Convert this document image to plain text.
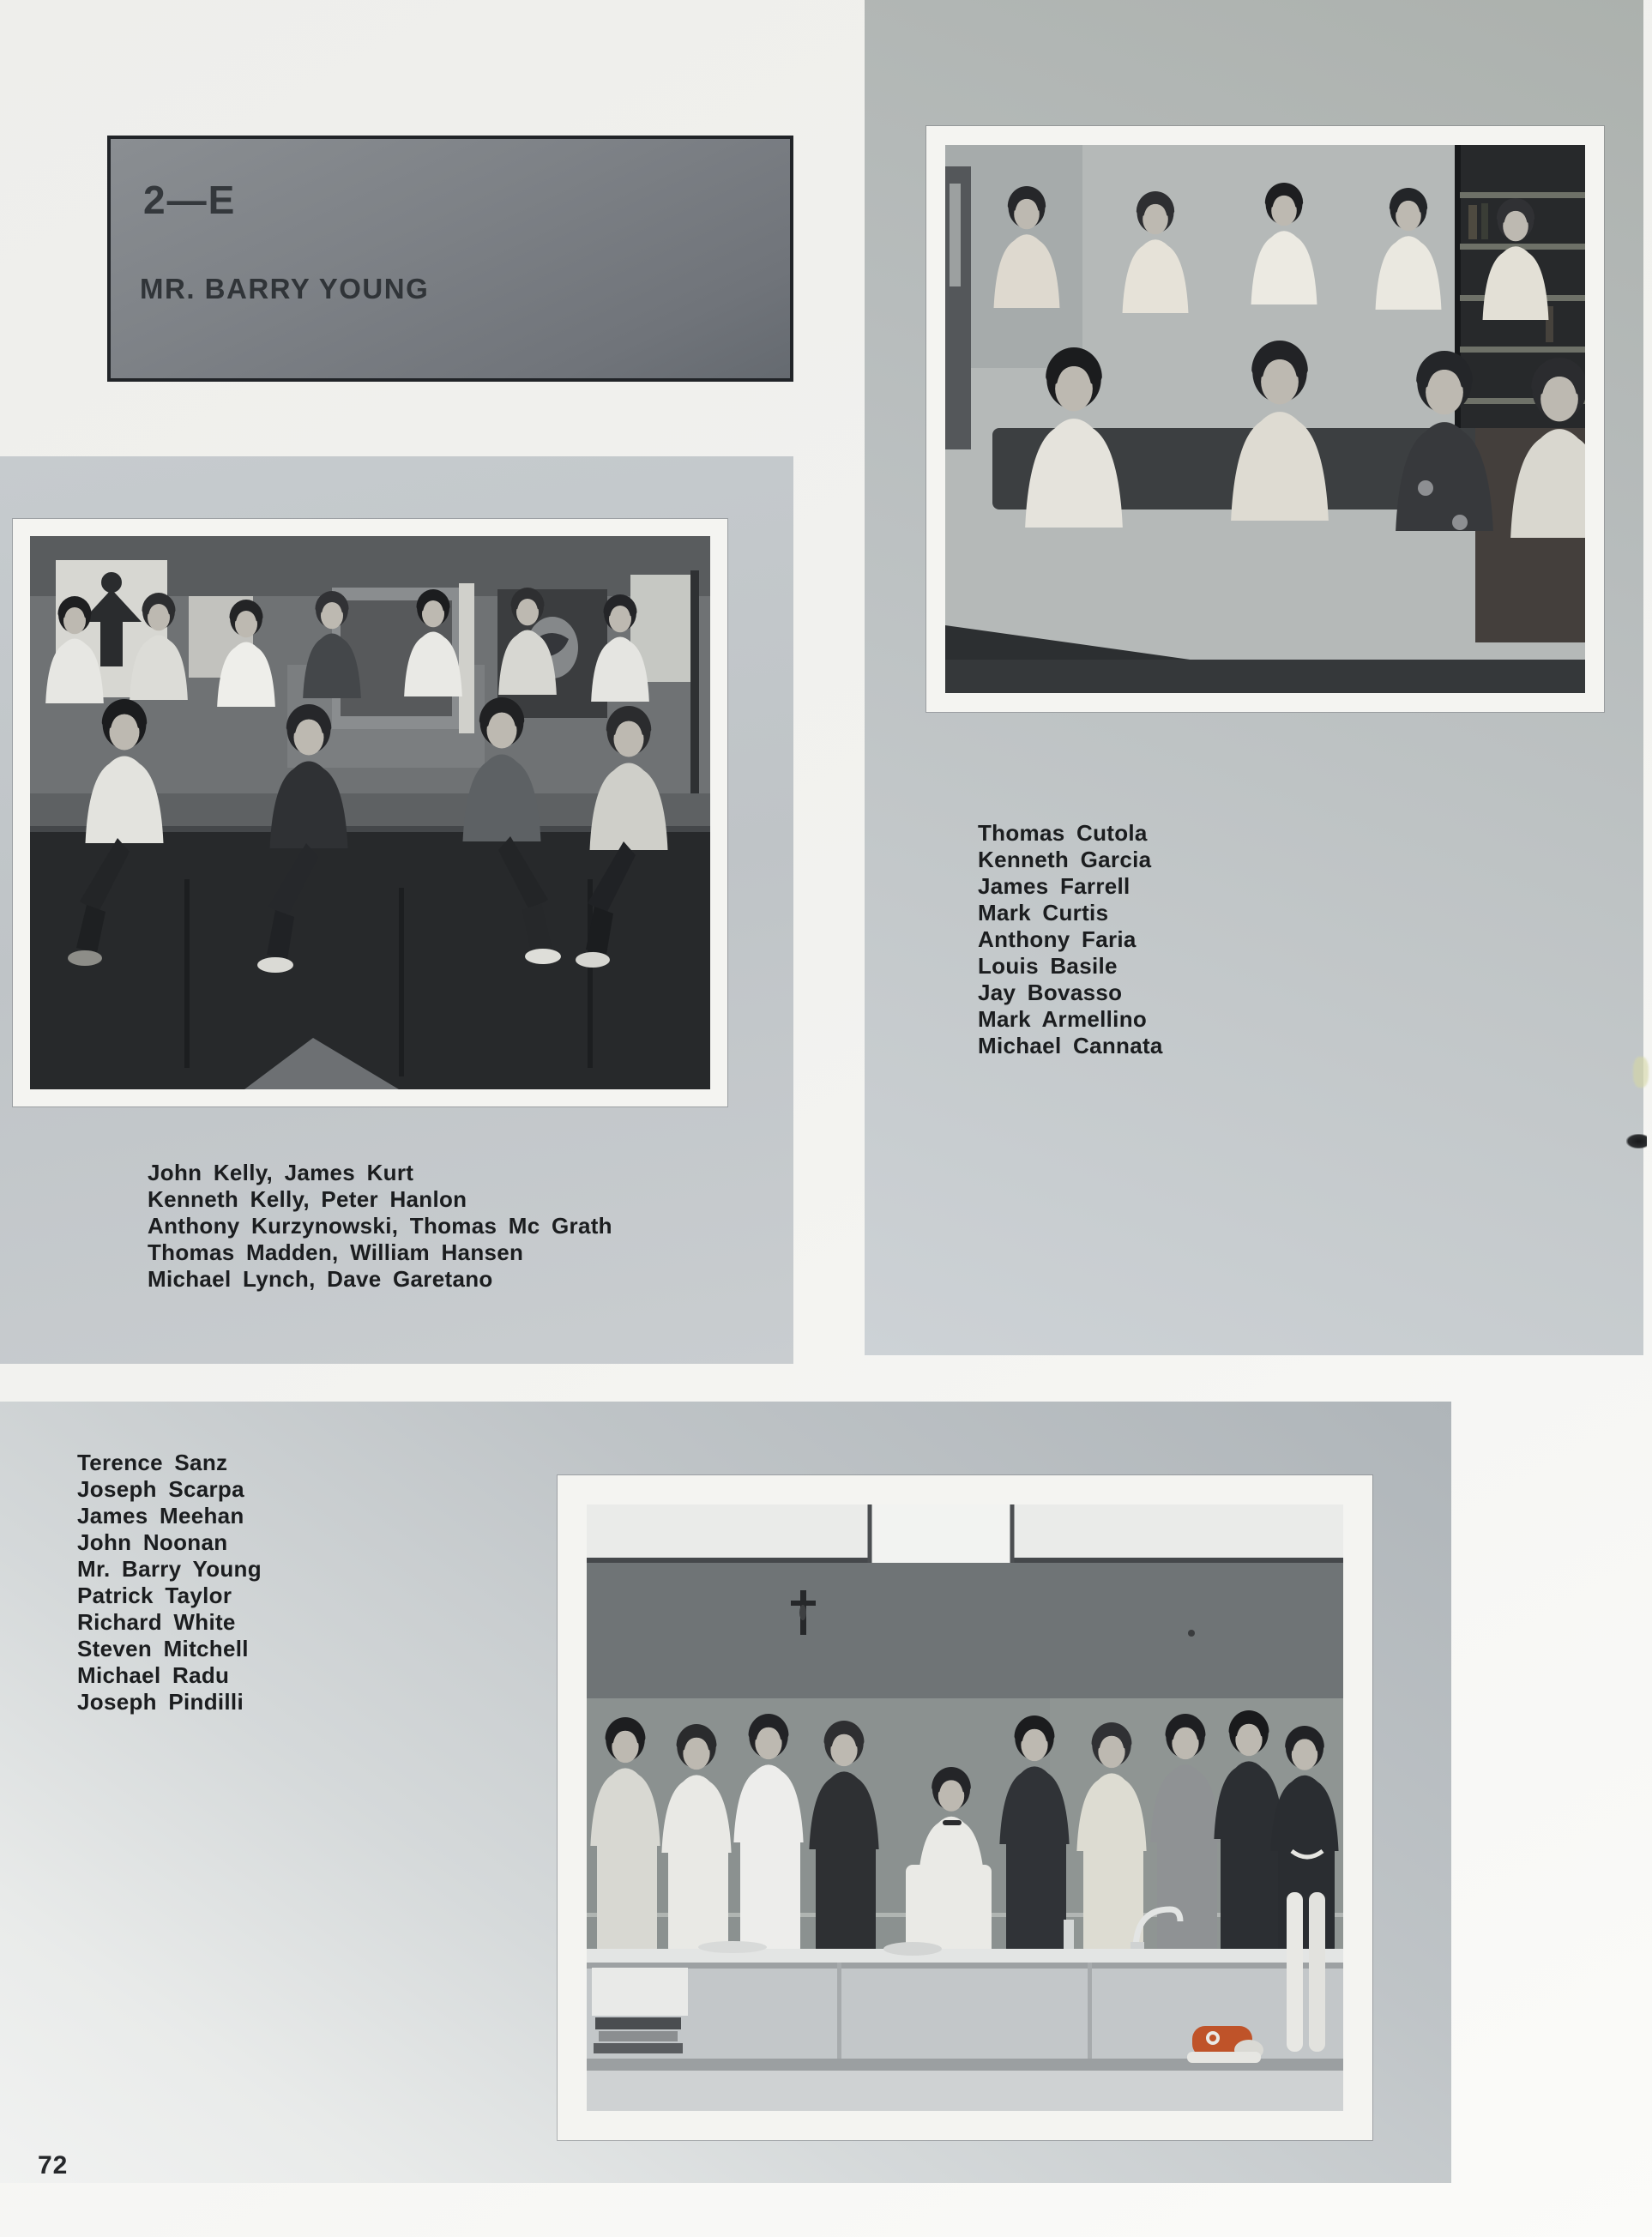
2—E
MR. BARRY YOUNG
Thomas Cutola
Kenneth Garcia
James Farrell
Mark Curtis
Anthony Faria
Louis Basile
Jay Bovasso
Mark Armellino
Michael Cannata
John Kelly, James Kurt
Kenneth Kelly, Peter Hanlon
Anthony Kurzynowski, Thomas Mc Grath
Thomas Madden, William Hansen
Michael Lynch, Dave Garetano
Terence Sanz
Joseph Scarpa
James Meehan
John Noonan
Mr. Barry Young
Patrick Taylor
Richard White
Steven Mitchell
Michael Radu
Joseph Pindilli
72
